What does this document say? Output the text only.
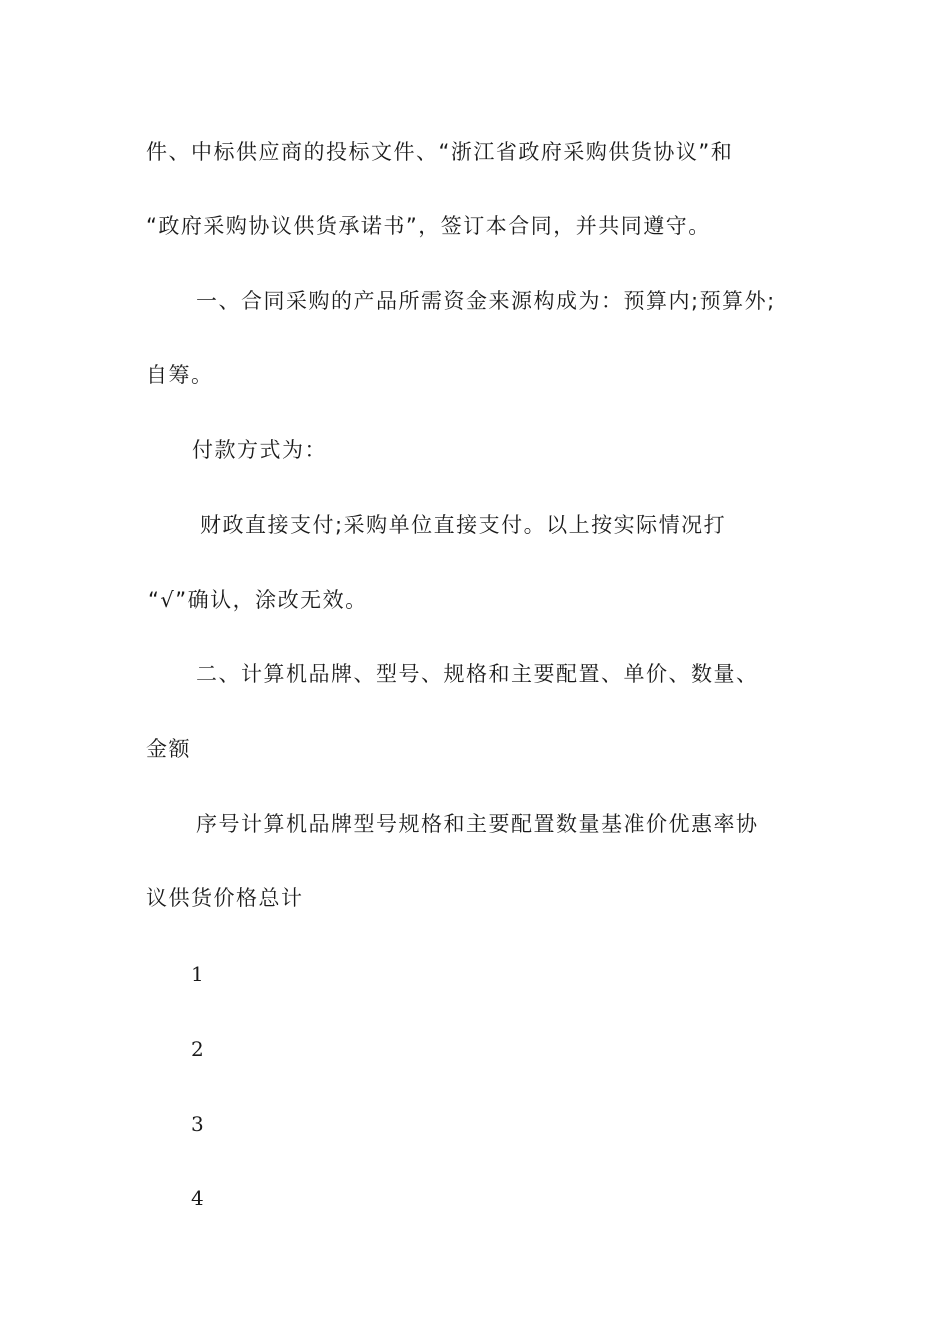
件、中标供应商的投标文件、“浙江省政府采购供货协议”和
“政府采购协议供货承诺书”，签订本合同，并共同遵守。
一、合同采购的产品所需资金来源构成为：预算内;预算外;
自筹。
付款方式为：
财政直接支付;采购单位直接支付。以上按实际情况打
“√”确认，涂改无效。
二、计算机品牌、型号、规格和主要配置、单价、数量、
金额
序号计算机品牌型号规格和主要配置数量基准价优惠率协
议供货价格总计
1
2
3
4
